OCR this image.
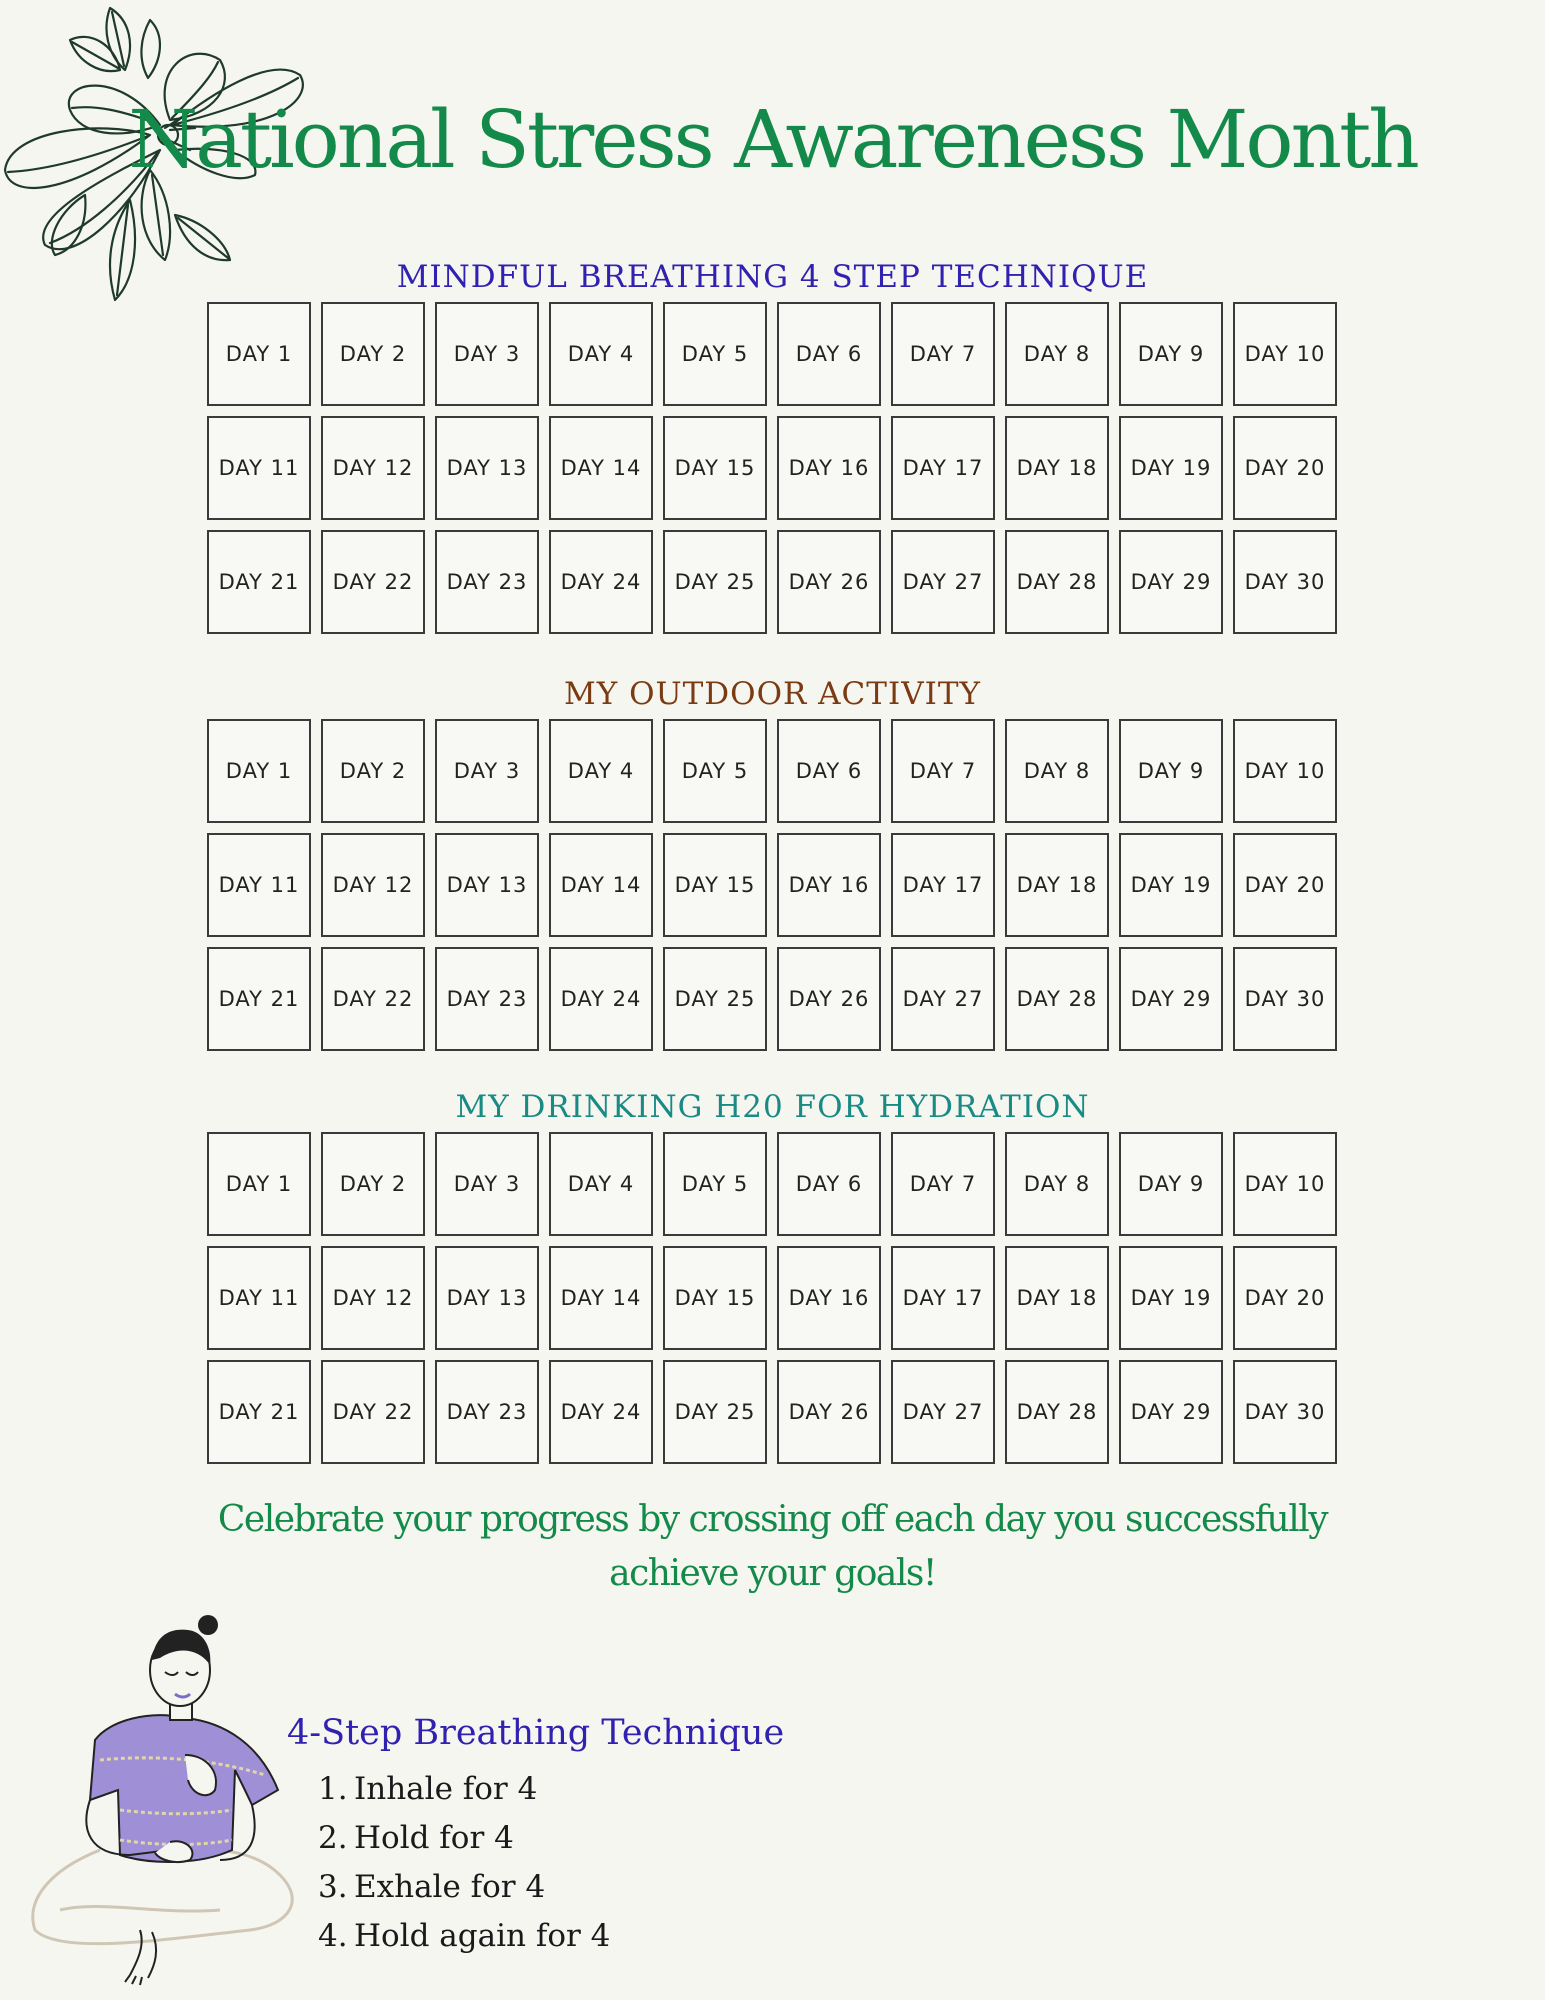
National Stress Awareness Month
MINDFUL BREATHING 4 STEP TECHNIQUE
DAY 1	DAY 2	DAY 3	DAY 4	DAY 5	DAY 6	DAY 7	DAY 8	DAY 9	DAY 10
DAY 11	DAY 12	DAY 13	DAY 14	DAY 15	DAY 16	DAY 17	DAY 18	DAY 19	DAY 20
DAY 21	DAY 22	DAY 23	DAY 24	DAY 25	DAY 26	DAY 27	DAY 28	DAY 29	DAY 30
MY OUTDOOR ACTIVITY
DAY 1	DAY 2	DAY 3	DAY 4	DAY 5	DAY 6	DAY 7	DAY 8	DAY 9	DAY 10
DAY 11	DAY 12	DAY 13	DAY 14	DAY 15	DAY 16	DAY 17	DAY 18	DAY 19	DAY 20
DAY 21	DAY 22	DAY 23	DAY 24	DAY 25	DAY 26	DAY 27	DAY 28	DAY 29	DAY 30
MY DRINKING H20 FOR HYDRATION
DAY 1	DAY 2	DAY 3	DAY 4	DAY 5	DAY 6	DAY 7	DAY 8	DAY 9	DAY 10
DAY 11	DAY 12	DAY 13	DAY 14	DAY 15	DAY 16	DAY 17	DAY 18	DAY 19	DAY 20
DAY 21	DAY 22	DAY 23	DAY 24	DAY 25	DAY 26	DAY 27	DAY 28	DAY 29	DAY 30
Celebrate your progress by crossing off each day you successfully
achieve your goals!
4-Step Breathing Technique
1. Inhale for 4
2. Hold for 4
3. Exhale for 4
4. Hold again for 4
